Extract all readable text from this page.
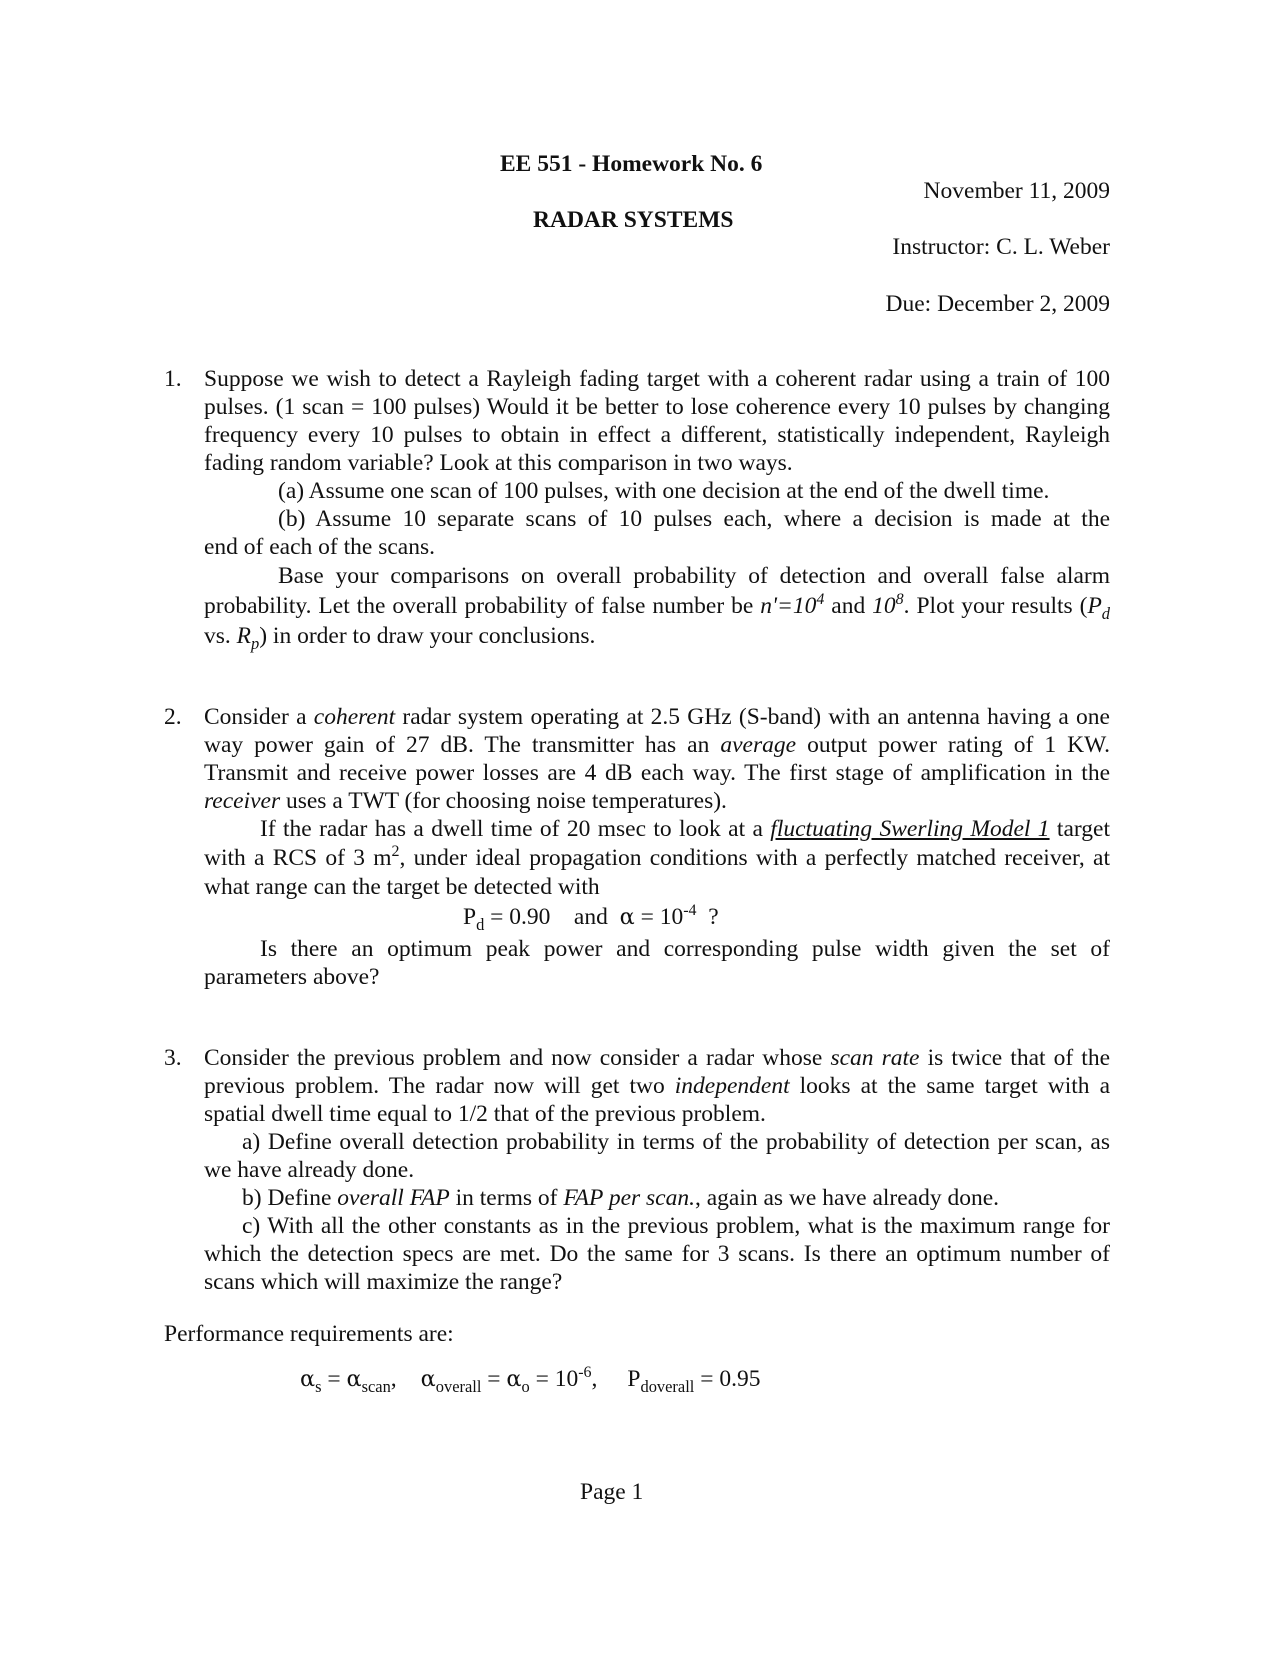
EE 551 - Homework No. 6
RADAR SYSTEMS
November 11, 2009
Instructor: C. L. Weber
Due: December 2, 2009
1. Suppose we wish to detect a Rayleigh fading target with a coherent radar using a train of 100 pulses. (1 scan = 100 pulses) Would it be better to lose coherence every 10 pulses by changing frequency every 10 pulses to obtain in effect a different, statistically independent, Rayleigh fading random variable? Look at this comparison in two ways.
(a) Assume one scan of 100 pulses, with one decision at the end of the dwell time.
(b) Assume 10 separate scans of 10 pulses each, where a decision is made at the
end of each of the scans.
Base your comparisons on overall probability of detection and overall false alarm probability. Let the overall probability of false number be $n'=10^4$ and $10^8$. Plot your results ($P_d$ vs. $R_p$) in order to draw your conclusions.
2. Consider a coherent radar system operating at 2.5 GHz (S-band) with an antenna having a one way power gain of 27 dB. The transmitter has an average output power rating of 1 KW. Transmit and receive power losses are 4 dB each way. The first stage of amplification in the receiver uses a TWT (for choosing noise temperatures).
If the radar has a dwell time of 20 msec to look at a fluctuating Swerling Model 1 target with a RCS of 3 $m^2$, under ideal propagation conditions with a perfectly matched receiver, at what range can the target be detected with
$P_d = 0.90$    and  $\alpha = 10^{-4}$  ?
Is there an optimum peak power and corresponding pulse width given the set of parameters above?
3. Consider the previous problem and now consider a radar whose scan rate is twice that of the previous problem. The radar now will get two independent looks at the same target with a spatial dwell time equal to 1/2 that of the previous problem.
a) Define overall detection probability in terms of the probability of detection per scan, as we have already done.
b) Define overall FAP in terms of FAP per scan., again as we have already done.
c) With all the other constants as in the previous problem, what is the maximum range for which the detection specs are met. Do the same for 3 scans. Is there an optimum number of scans which will maximize the range?
Performance requirements are:
$\alpha_s = \alpha_{scan}$, $\alpha_{overall} = \alpha_o = 10^{-6}$, $P_{doverall} = 0.95$
Page 1
